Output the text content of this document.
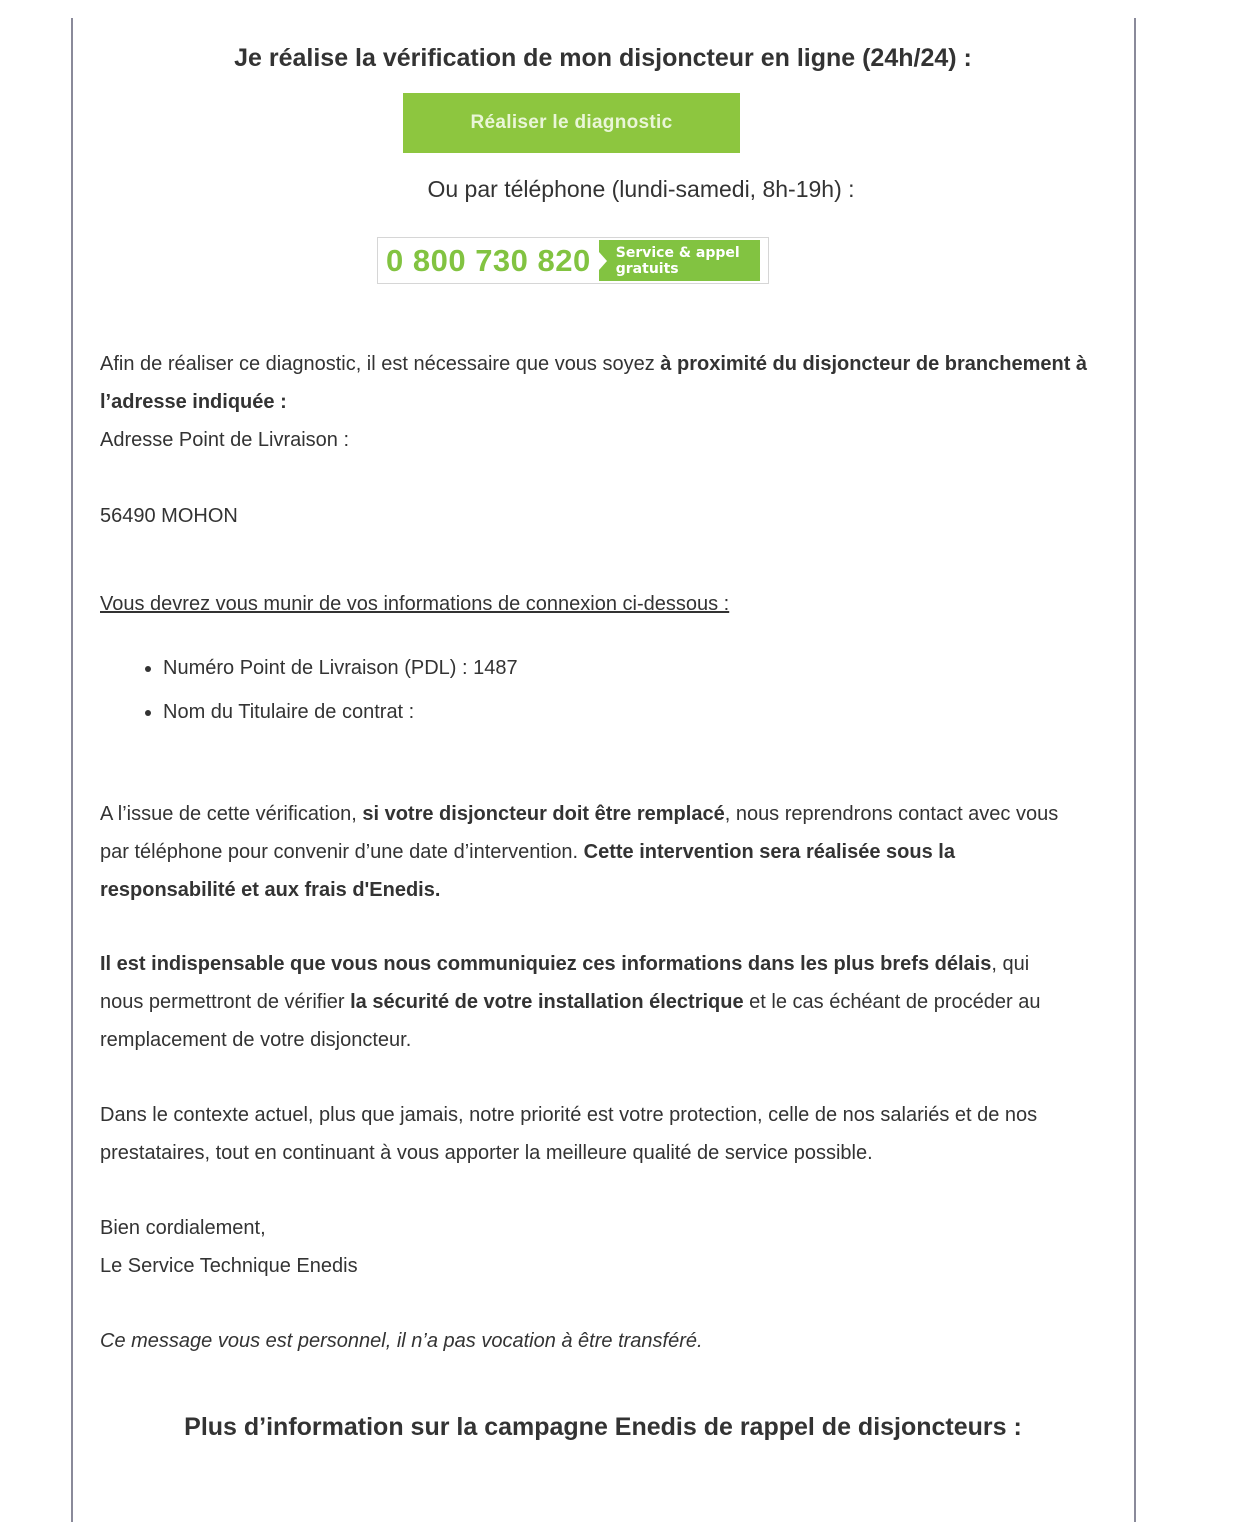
Je réalise la vérification de mon disjoncteur en ligne (24h/24) :
Réaliser le diagnostic
Ou par téléphone (lundi-samedi, 8h-19h) :
0 800 730 820	Service & appel
gratuits
Afin de réaliser ce diagnostic, il est nécessaire que vous soyez à proximité du disjoncteur de branchement à l’adresse indiquée :
Adresse Point de Livraison :
56490 MOHON
Vous devrez vous munir de vos informations de connexion ci-dessous :
• Numéro Point de Livraison (PDL) : 1487
• Nom du Titulaire de contrat :
A l’issue de cette vérification, si votre disjoncteur doit être remplacé, nous reprendrons contact avec vous par téléphone pour convenir d’une date d’intervention. Cette intervention sera réalisée sous la responsabilité et aux frais d'Enedis.
Il est indispensable que vous nous communiquiez ces informations dans les plus brefs délais, qui nous permettront de vérifier la sécurité de votre installation électrique et le cas échéant de procéder au remplacement de votre disjoncteur.
Dans le contexte actuel, plus que jamais, notre priorité est votre protection, celle de nos salariés et de nos prestataires, tout en continuant à vous apporter la meilleure qualité de service possible.
Bien cordialement,
Le Service Technique Enedis
Ce message vous est personnel, il n’a pas vocation à être transféré.
Plus d’information sur la campagne Enedis de rappel de disjoncteurs :
